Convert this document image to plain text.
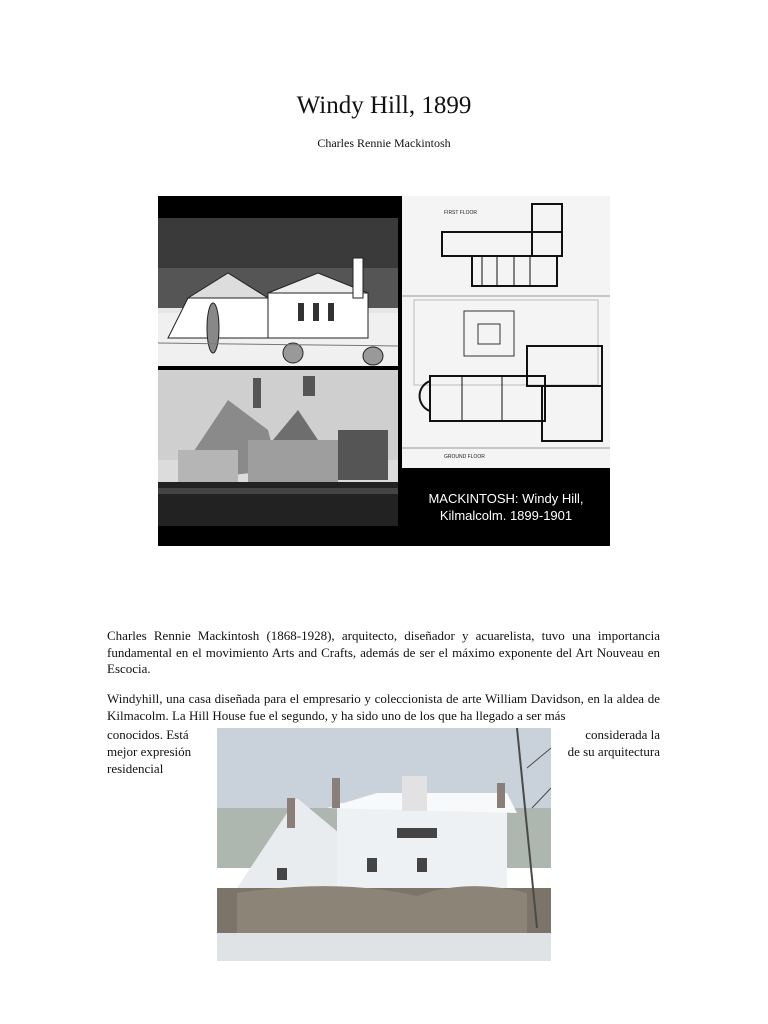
Windy Hill, 1899
Charles Rennie Mackintosh
FIRST FLOOR
GROUND FLOOR
MACKINTOSH: Windy Hill,
Kilmalcolm. 1899-1901
Charles Rennie Mackintosh (1868-1928), arquitecto, diseñador y acuarelista, tuvo una importancia fundamental en el movimiento Arts and Crafts, además de ser el máximo exponente del Art Nouveau en Escocia.
Windyhill, una casa diseñada para el empresario y coleccionista de arte William Davidson, en la aldea de Kilmacolm. La Hill House fue el segundo, y ha sido uno de los que ha llegado a ser más
conocidos. Está	considerada la
mejor expresión	de su arquitectura
residencial
